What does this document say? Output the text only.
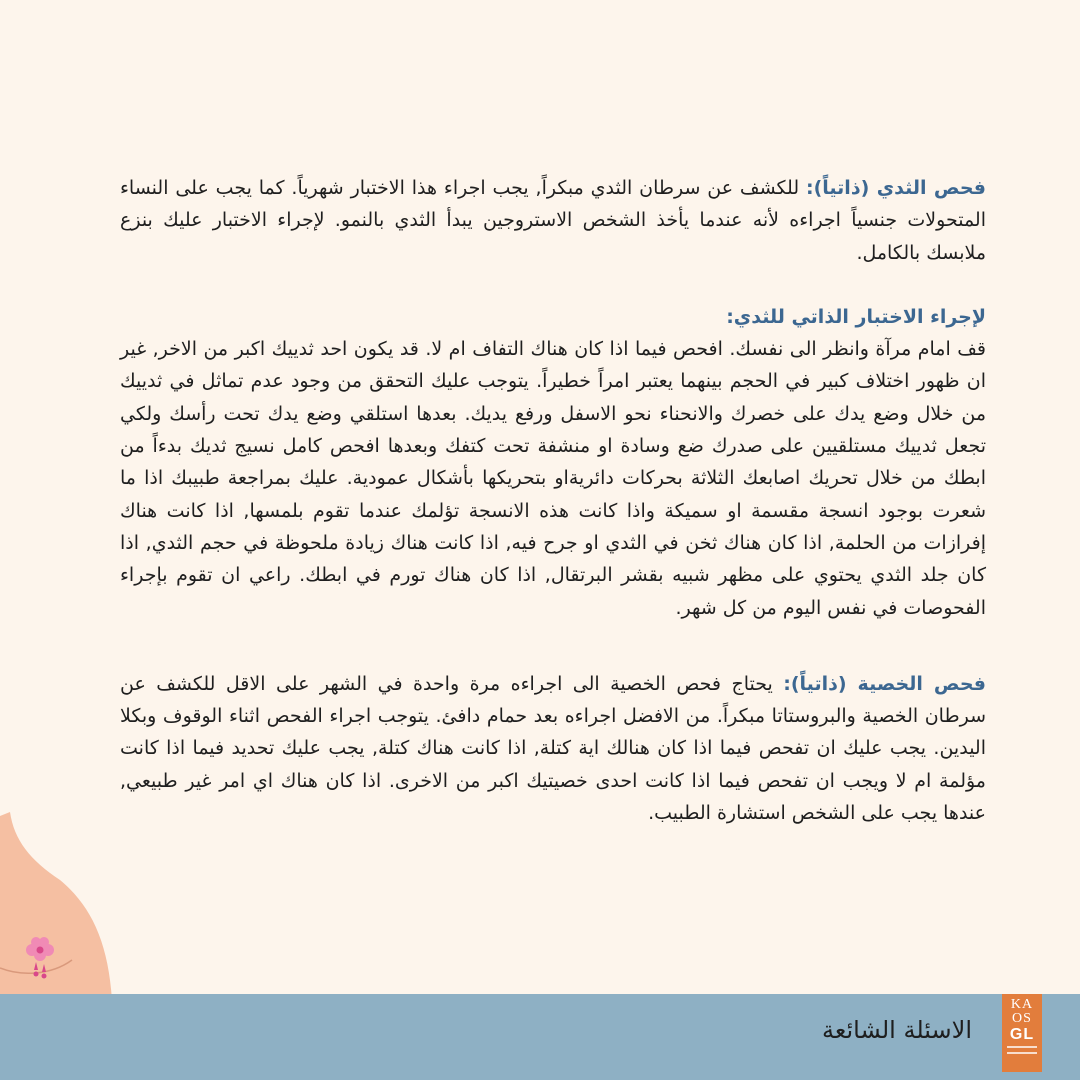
فحص الثدي (ذاتياً): للكشف عن سرطان الثدي مبكراً, يجب اجراء هذا الاختبار شهرياً. كما يجب على النساء المتحولات جنسياً اجراءه لأنه عندما يأخذ الشخص الاستروجين يبدأ الثدي بالنمو. لإجراء الاختبار عليك بنزع ملابسك بالكامل.

لإجراء الاختبار الذاتي للثدي:
قف امام مرآة وانظر الى نفسك. افحص فيما اذا كان هناك التفاف ام لا. قد يكون احد ثدييك اكبر من الاخر, غير ان ظهور اختلاف كبير في الحجم بينهما يعتبر امراً خطيراً. يتوجب عليك التحقق من وجود عدم تماثل في ثدييك من خلال وضع يدك على خصرك والانحناء نحو الاسفل ورفع يديك. بعدها استلقي وضع يدك تحت رأسك ولكي تجعل ثدييك مستلقيين على صدرك ضع وسادة او منشفة تحت كتفك وبعدها افحص كامل نسيج ثديك بدءاً من ابطك من خلال تحريك اصابعك الثلاثة بحركات دائريةاو بتحريكها بأشكال عمودية. عليك بمراجعة طبيبك اذا ما شعرت بوجود انسجة مقسمة او سميكة واذا كانت هذه الانسجة تؤلمك عندما تقوم بلمسها, اذا كانت هناك إفرازات من الحلمة, اذا كان هناك ثخن في الثدي او جرح فيه, اذا كانت هناك زيادة ملحوظة في حجم الثدي, اذا كان جلد الثدي يحتوي على مظهر شبيه بقشر البرتقال, اذا كان هناك تورم في ابطك. راعي ان تقوم بإجراء الفحوصات في نفس اليوم من كل شهر.

فحص الخصية (ذاتياً): يحتاج فحص الخصية الى اجراءه مرة واحدة في الشهر على الاقل للكشف عن سرطان الخصية والبروستاتا مبكراً. من الافضل اجراءه بعد حمام دافئ. يتوجب اجراء الفحص اثناء الوقوف وبكلا اليدين. يجب عليك ان تفحص فيما اذا كان هنالك اية كتلة, اذا كانت هناك كتلة, يجب عليك تحديد فيما اذا كانت مؤلمة ام لا ويجب ان تفحص فيما اذا كانت احدى خصيتيك اكبر من الاخرى. اذا كان هناك اي امر غير طبيعي, عندها يجب على الشخص استشارة الطبيب.

الاسئلة الشائعة
KA
OS
GL
